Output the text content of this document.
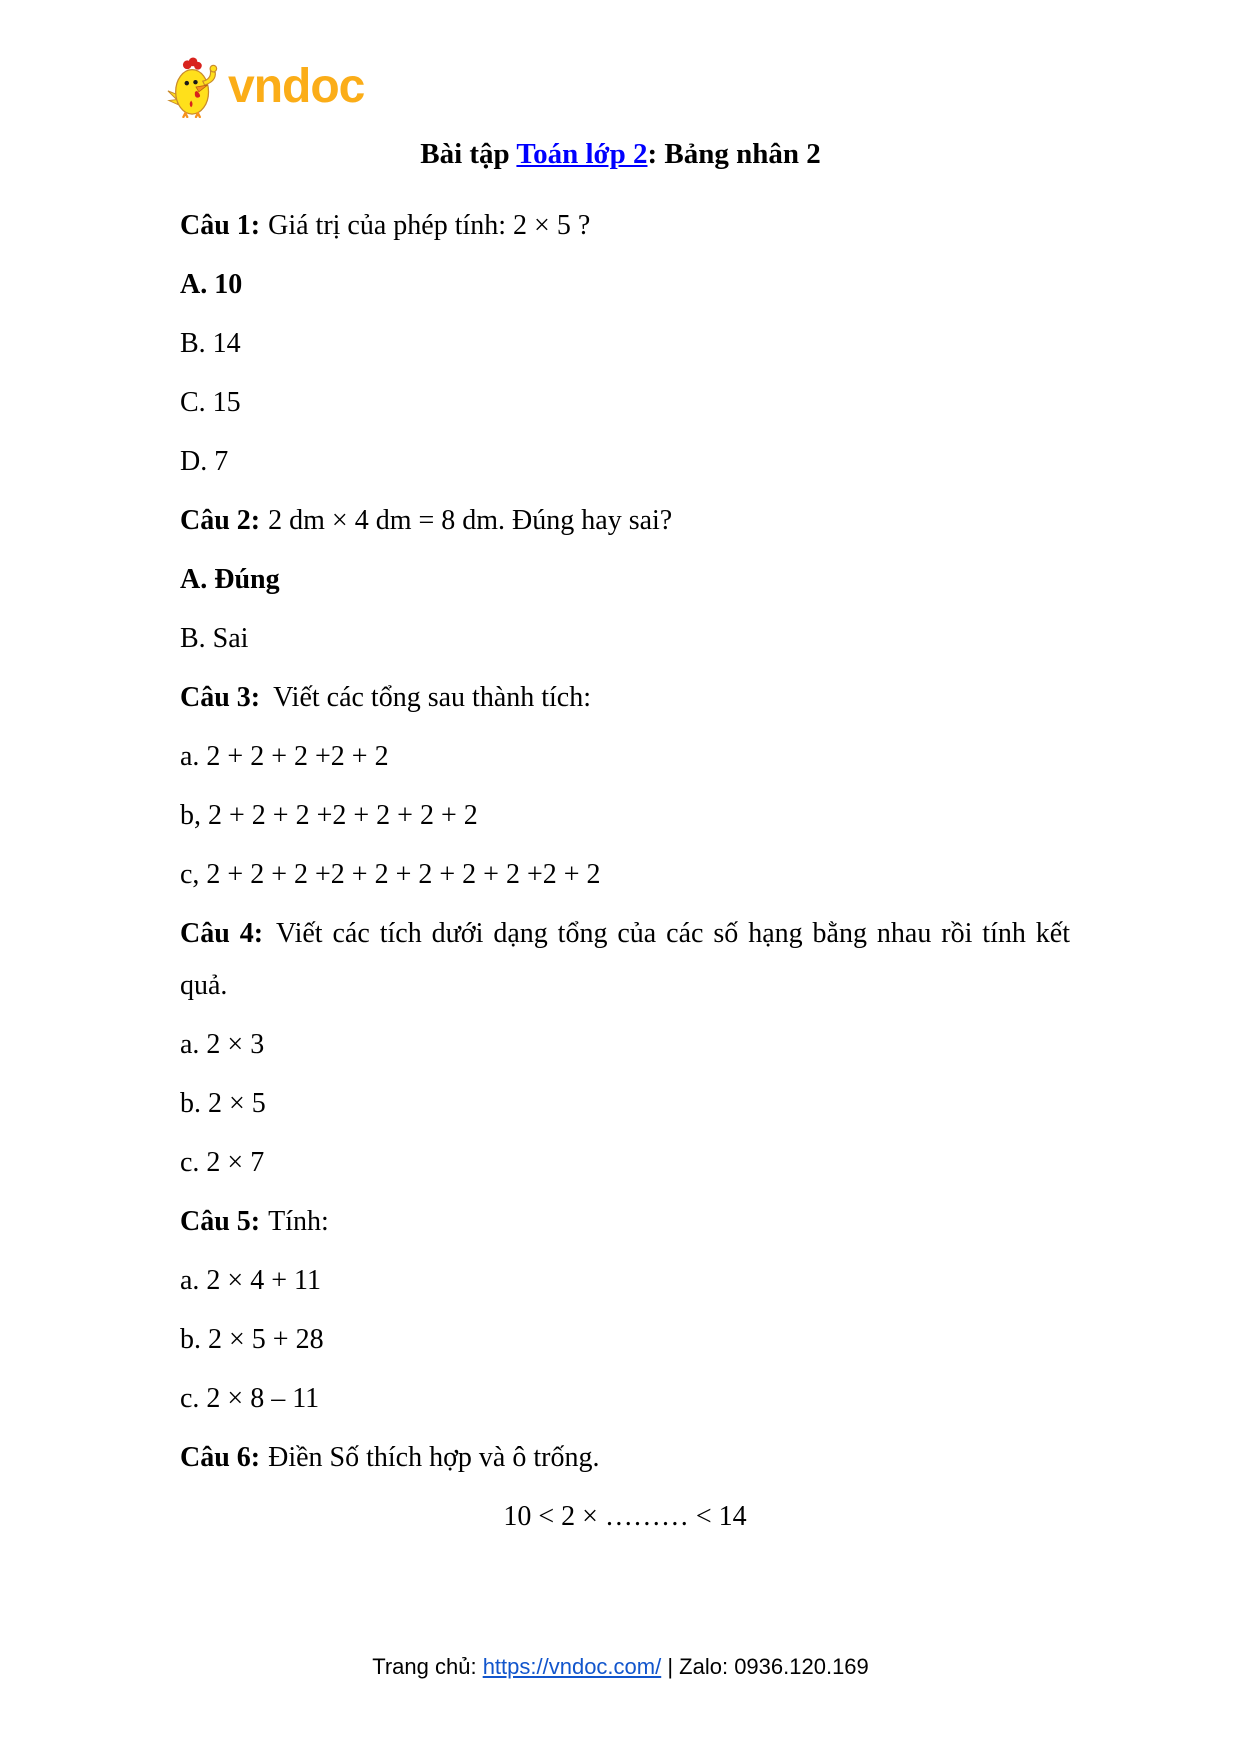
vndoc
Bài tập Toán lớp 2: Bảng nhân 2

Câu 1: Giá trị của phép tính: 2 × 5 ?

A. 10

B. 14

C. 15

D. 7

Câu 2: 2 dm × 4 dm = 8 dm. Đúng hay sai?

A. Đúng

B. Sai

Câu 3: Viết các tổng sau thành tích:

a. 2 + 2 + 2 +2 + 2

b, 2 + 2 + 2 +2 + 2 + 2 + 2

c, 2 + 2 + 2 +2 + 2 + 2 + 2 + 2 +2 + 2

Câu 4: Viết các tích dưới dạng tổng của các số hạng bằng nhau rồi tính kết quả.

a. 2 × 3

b. 2 × 5

c. 2 × 7

Câu 5: Tính:

a. 2 × 4 + 11

b. 2 × 5 + 28

c. 2 × 8 – 11

Câu 6: Điền Số thích hợp và ô trống.

10 < 2 × ……… < 14

Trang chủ: https://vndoc.com/ | Zalo: 0936.120.169
